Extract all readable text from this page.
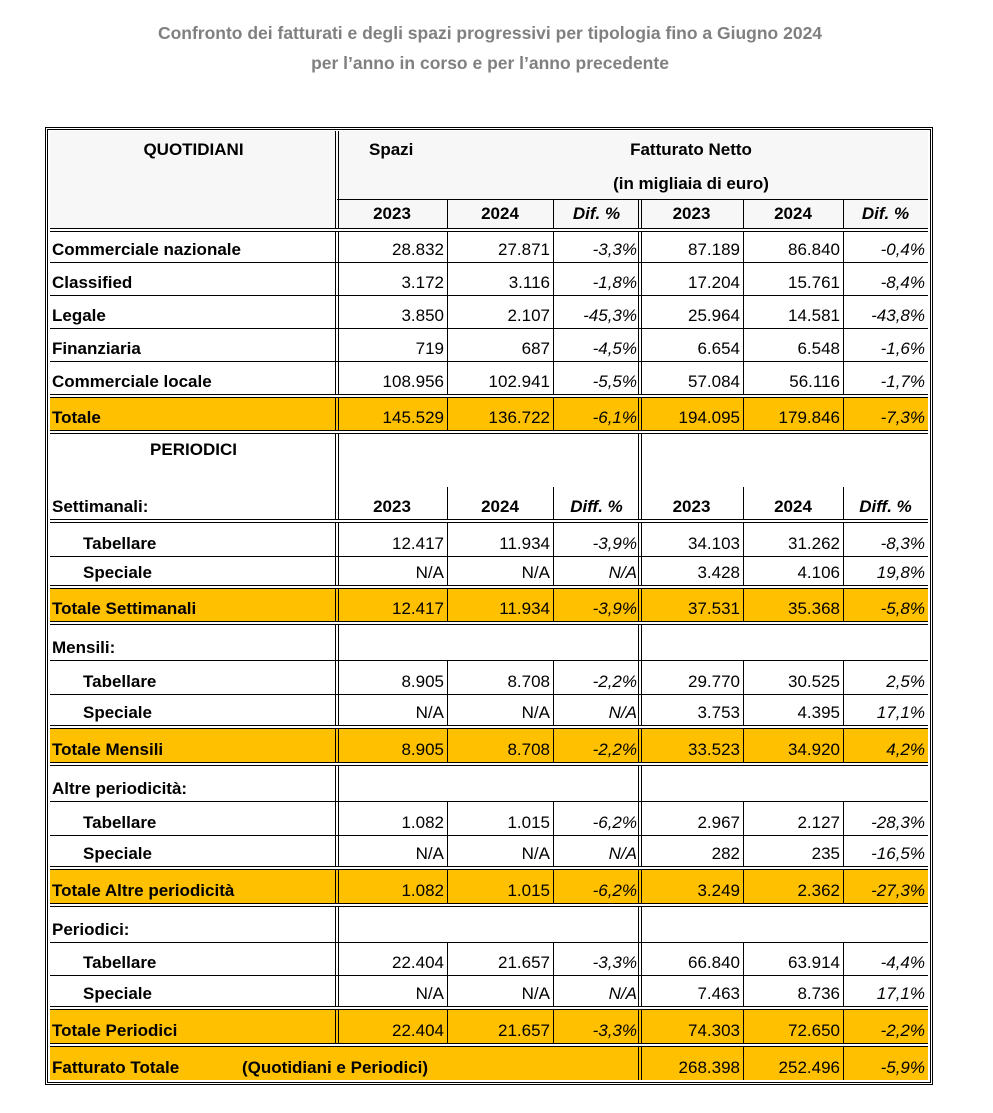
Confronto dei fatturati e degli spazi progressivi per tipologia fino a Giugno 2024
per l’anno in corso e per l’anno precedente
QUOTIDIANI	Spazi	Fatturato Netto
(in migliaia di euro)
2023	2024	Dif. %	2023	2024	Dif. %
Commerciale nazionale	28.832	27.871	-3,3%	87.189	86.840	-0,4%
Classified	3.172	3.116	-1,8%	17.204	15.761	-8,4%
Legale	3.850	2.107	-45,3%	25.964	14.581	-43,8%
Finanziaria	719	687	-4,5%	6.654	6.548	-1,6%
Commerciale locale	108.956	102.941	-5,5%	57.084	56.116	-1,7%
Totale	145.529	136.722	-6,1%	194.095	179.846	-7,3%
PERIODICI
Settimanali:	2023	2024	Diff. %	2023	2024	Diff. %
Tabellare	12.417	11.934	-3,9%	34.103	31.262	-8,3%
Speciale	N/A	N/A	N/A	3.428	4.106	19,8%
Totale Settimanali	12.417	11.934	-3,9%	37.531	35.368	-5,8%
Mensili:
Tabellare	8.905	8.708	-2,2%	29.770	30.525	2,5%
Speciale	N/A	N/A	N/A	3.753	4.395	17,1%
Totale Mensili	8.905	8.708	-2,2%	33.523	34.920	4,2%
Altre periodicità:
Tabellare	1.082	1.015	-6,2%	2.967	2.127	-28,3%
Speciale	N/A	N/A	N/A	282	235	-16,5%
Totale Altre periodicità	1.082	1.015	-6,2%	3.249	2.362	-27,3%
Periodici:
Tabellare	22.404	21.657	-3,3%	66.840	63.914	-4,4%
Speciale	N/A	N/A	N/A	7.463	8.736	17,1%
Totale Periodici	22.404	21.657	-3,3%	74.303	72.650	-2,2%
Fatturato Totale	(Quotidiani e Periodici)	268.398	252.496	-5,9%
